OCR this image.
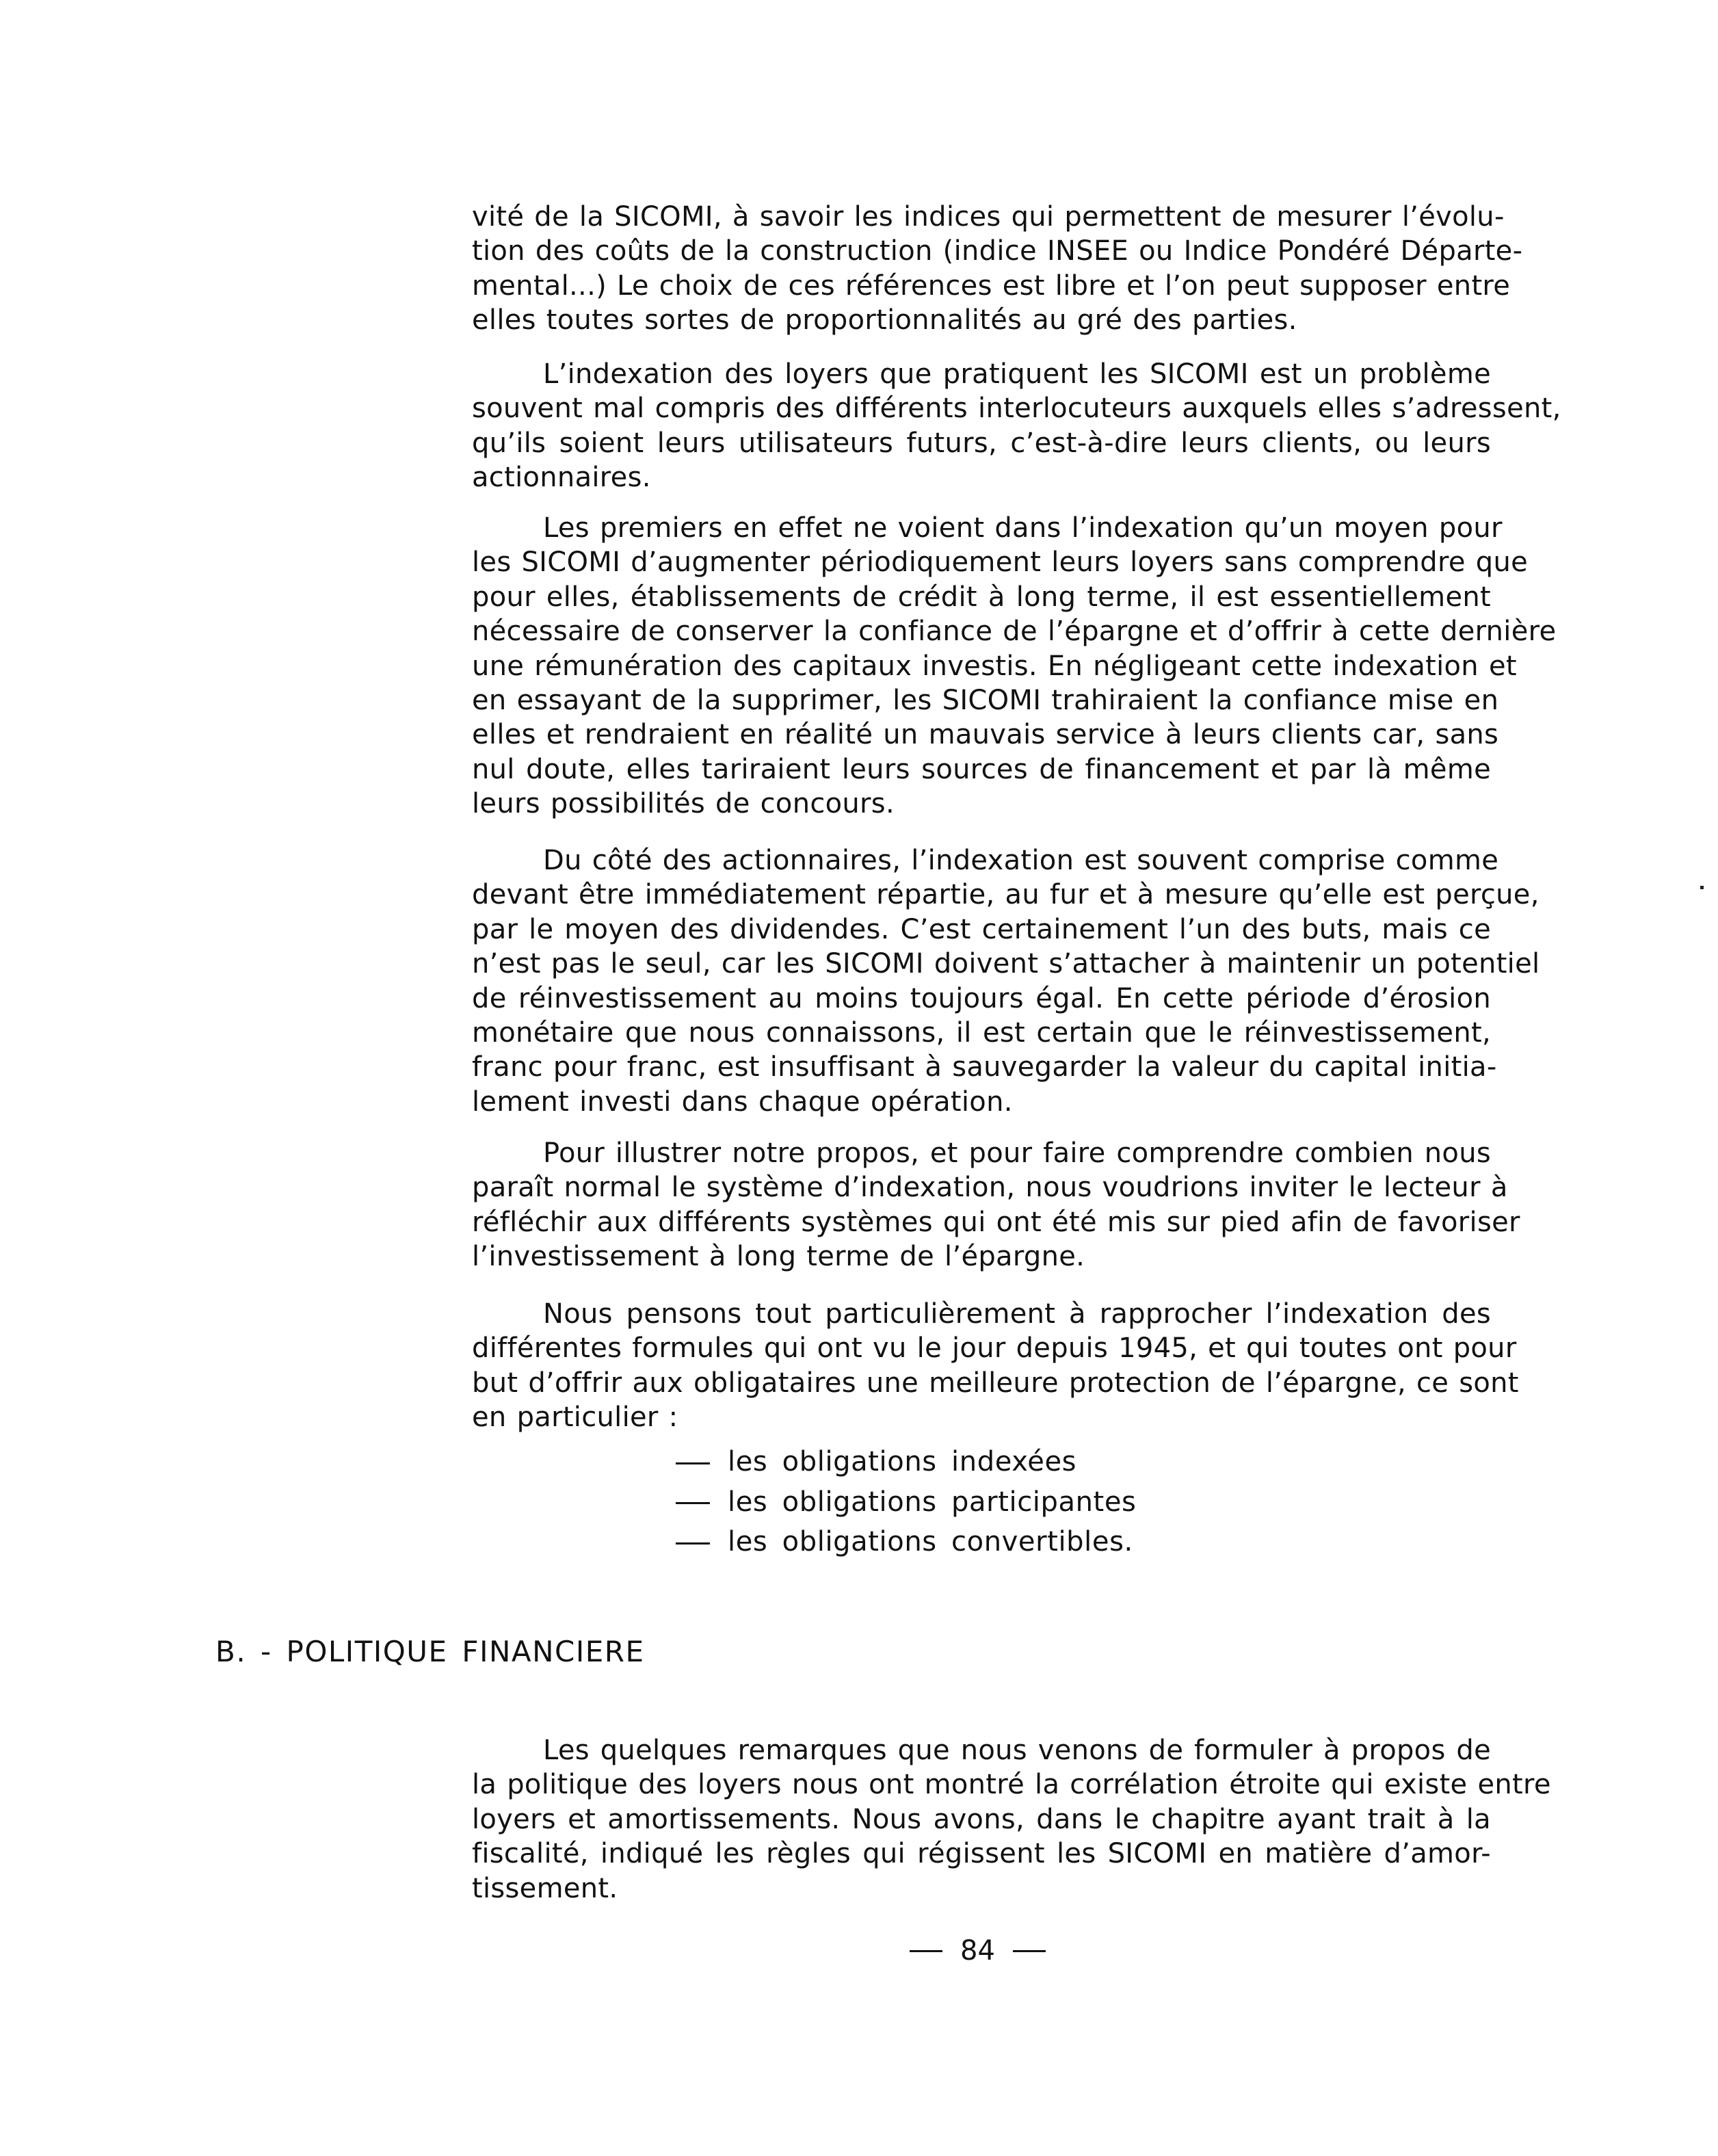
vité de la SICOMI, à savoir les indices qui permettent de mesurer l’évolu-
tion des coûts de la construction (indice INSEE ou Indice Pondéré Départe-
mental...) Le choix de ces références est libre et l’on peut supposer entre
elles toutes sortes de proportionnalités au gré des parties.
L’indexation des loyers que pratiquent les SICOMI est un problème
souvent mal compris des différents interlocuteurs auxquels elles s’adressent,
qu’ils soient leurs utilisateurs futurs, c’est-à-dire leurs clients, ou leurs
actionnaires.
Les premiers en effet ne voient dans l’indexation qu’un moyen pour
les SICOMI d’augmenter périodiquement leurs loyers sans comprendre que
pour elles, établissements de crédit à long terme, il est essentiellement
nécessaire de conserver la confiance de l’épargne et d’offrir à cette dernière
une rémunération des capitaux investis. En négligeant cette indexation et
en essayant de la supprimer, les SICOMI trahiraient la confiance mise en
elles et rendraient en réalité un mauvais service à leurs clients car, sans
nul doute, elles tariraient leurs sources de financement et par là même
leurs possibilités de concours.
Du côté des actionnaires, l’indexation est souvent comprise comme
devant être immédiatement répartie, au fur et à mesure qu’elle est perçue,
par le moyen des dividendes. C’est certainement l’un des buts, mais ce
n’est pas le seul, car les SICOMI doivent s’attacher à maintenir un potentiel
de réinvestissement au moins toujours égal. En cette période d’érosion
monétaire que nous connaissons, il est certain que le réinvestissement,
franc pour franc, est insuffisant à sauvegarder la valeur du capital initia-
lement investi dans chaque opération.
Pour illustrer notre propos, et pour faire comprendre combien nous
paraît normal le système d’indexation, nous voudrions inviter le lecteur à
réfléchir aux différents systèmes qui ont été mis sur pied afin de favoriser
l’investissement à long terme de l’épargne.
Nous pensons tout particulièrement à rapprocher l’indexation des
différentes formules qui ont vu le jour depuis 1945, et qui toutes ont pour
but d’offrir aux obligataires une meilleure protection de l’épargne, ce sont
en particulier :
les obligations indexées
les obligations participantes
les obligations convertibles.
B. - POLITIQUE FINANCIERE
Les quelques remarques que nous venons de formuler à propos de
la politique des loyers nous ont montré la corrélation étroite qui existe entre
loyers et amortissements. Nous avons, dans le chapitre ayant trait à la
fiscalité, indiqué les règles qui régissent les SICOMI en matière d’amor-
tissement.
84
